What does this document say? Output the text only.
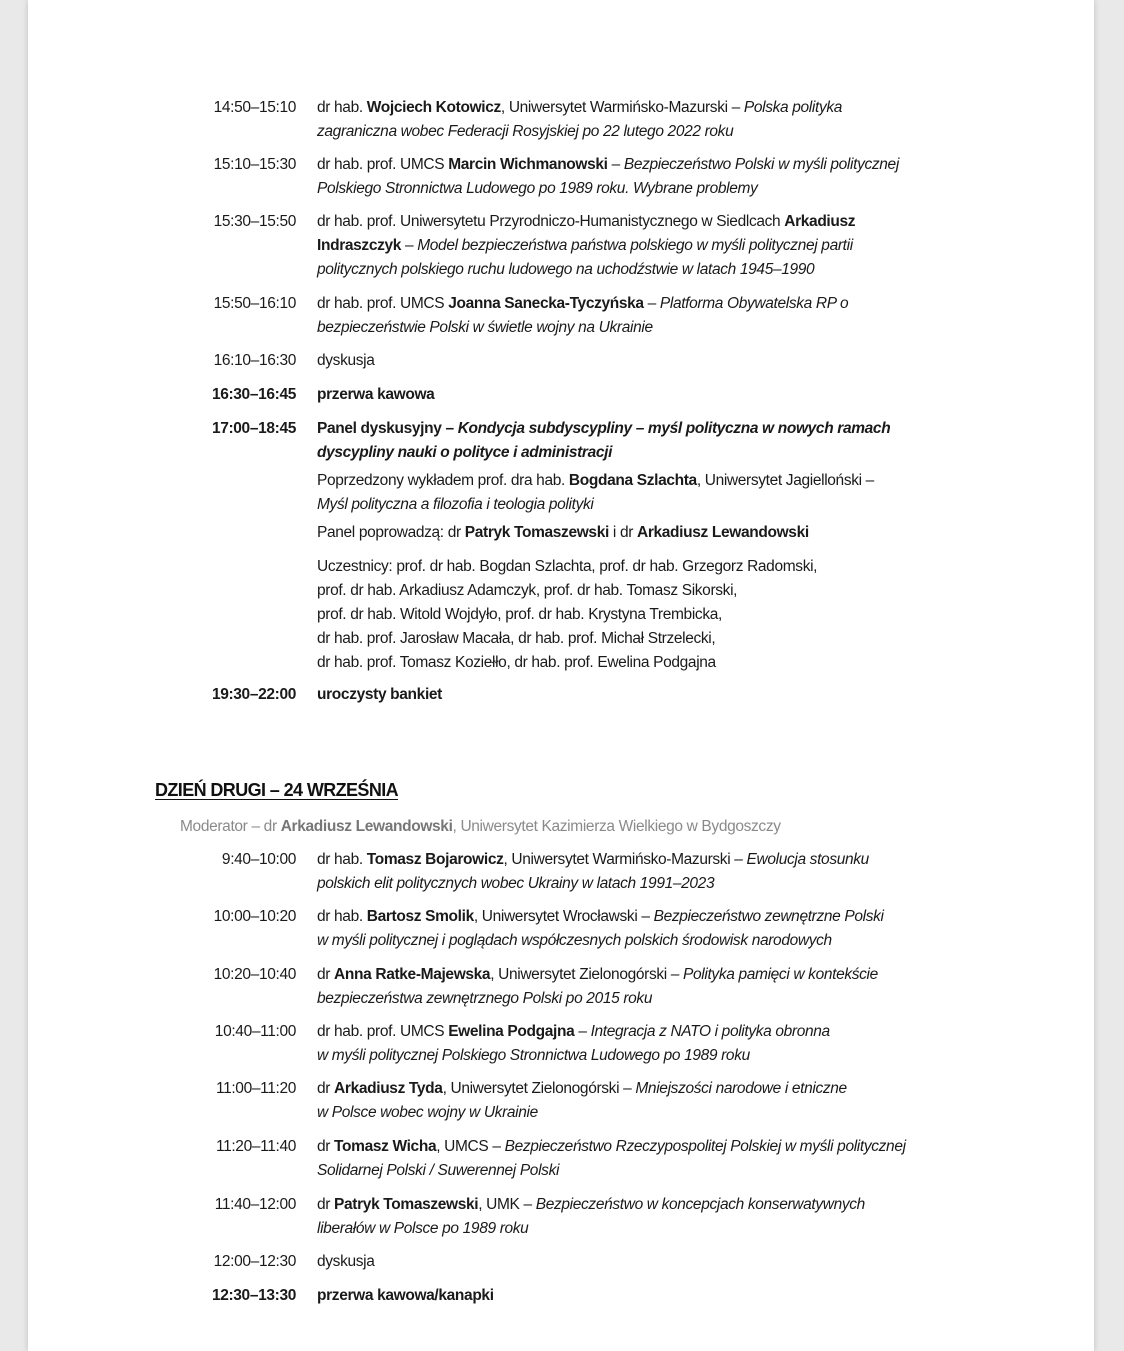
14:50–15:10 dr hab. Wojciech Kotowicz, Uniwersytet Warmińsko-Mazurski – Polska polityka
zagraniczna wobec Federacji Rosyjskiej po 22 lutego 2022 roku
15:10–15:30 dr hab. prof. UMCS Marcin Wichmanowski – Bezpieczeństwo Polski w myśli politycznej
Polskiego Stronnictwa Ludowego po 1989 roku. Wybrane problemy
15:30–15:50 dr hab. prof. Uniwersytetu Przyrodniczo-Humanistycznego w Siedlcach Arkadiusz
Indraszczyk – Model bezpieczeństwa państwa polskiego w myśli politycznej partii
politycznych polskiego ruchu ludowego na uchodźstwie w latach 1945–1990
15:50–16:10 dr hab. prof. UMCS Joanna Sanecka-Tyczyńska – Platforma Obywatelska RP o
bezpieczeństwie Polski w świetle wojny na Ukrainie
16:10–16:30 dyskusja
16:30–16:45 przerwa kawowa
17:00–18:45 Panel dyskusyjny – Kondycja subdyscypliny – myśl polityczna w nowych ramach
dyscypliny nauki o polityce i administracji
Poprzedzony wykładem prof. dra hab. Bogdana Szlachta, Uniwersytet Jagielloński –
Myśl polityczna a filozofia i teologia polityki
Panel poprowadzą: dr Patryk Tomaszewski i dr Arkadiusz Lewandowski
Uczestnicy: prof. dr hab. Bogdan Szlachta, prof. dr hab. Grzegorz Radomski,
prof. dr hab. Arkadiusz Adamczyk, prof. dr hab. Tomasz Sikorski,
prof. dr hab. Witold Wojdyło, prof. dr hab. Krystyna Trembicka,
dr hab. prof. Jarosław Macała, dr hab. prof. Michał Strzelecki,
dr hab. prof. Tomasz Koziełło, dr hab. prof. Ewelina Podgajna
19:30–22:00 uroczysty bankiet
DZIEŃ DRUGI – 24 WRZEŚNIA
Moderator – dr Arkadiusz Lewandowski, Uniwersytet Kazimierza Wielkiego w Bydgoszczy
9:40–10:00 dr hab. Tomasz Bojarowicz, Uniwersytet Warmińsko-Mazurski – Ewolucja stosunku
polskich elit politycznych wobec Ukrainy w latach 1991–2023
10:00–10:20 dr hab. Bartosz Smolik, Uniwersytet Wrocławski – Bezpieczeństwo zewnętrzne Polski
w myśli politycznej i poglądach współczesnych polskich środowisk narodowych
10:20–10:40 dr Anna Ratke-Majewska, Uniwersytet Zielonogórski – Polityka pamięci w kontekście
bezpieczeństwa zewnętrznego Polski po 2015 roku
10:40–11:00 dr hab. prof. UMCS Ewelina Podgajna – Integracja z NATO i polityka obronna
w myśli politycznej Polskiego Stronnictwa Ludowego po 1989 roku
11:00–11:20 dr Arkadiusz Tyda, Uniwersytet Zielonogórski – Mniejszości narodowe i etniczne
w Polsce wobec wojny w Ukrainie
11:20–11:40 dr Tomasz Wicha, UMCS – Bezpieczeństwo Rzeczypospolitej Polskiej w myśli politycznej
Solidarnej Polski / Suwerennej Polski
11:40–12:00 dr Patryk Tomaszewski, UMK – Bezpieczeństwo w koncepcjach konserwatywnych
liberałów w Polsce po 1989 roku
12:00–12:30 dyskusja
12:30–13:30 przerwa kawowa/kanapki
